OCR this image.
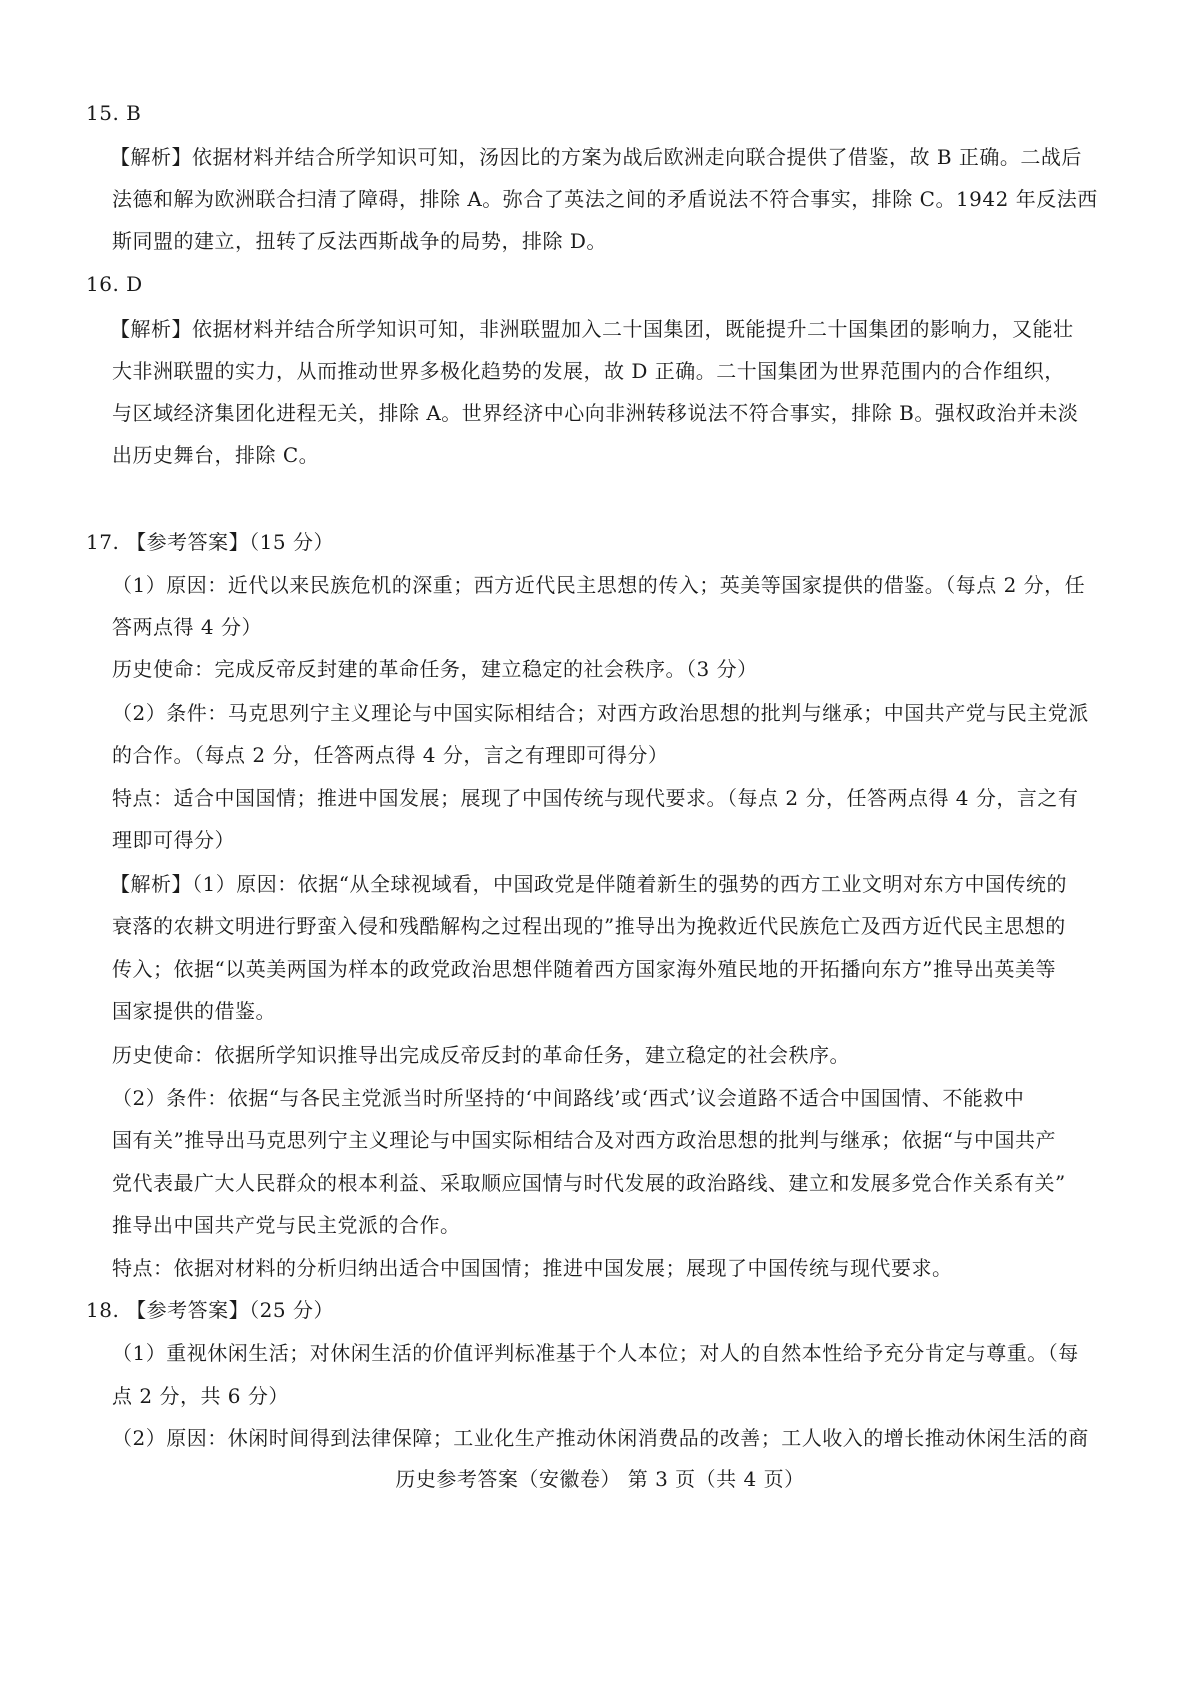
15. B
【解析】依据材料并结合所学知识可知，汤因比的方案为战后欧洲走向联合提供了借鉴，故 B 正确。二战后
法德和解为欧洲联合扫清了障碍，排除 A。弥合了英法之间的矛盾说法不符合事实，排除 C。1942 年反法西
斯同盟的建立，扭转了反法西斯战争的局势，排除 D。
16. D
【解析】依据材料并结合所学知识可知，非洲联盟加入二十国集团，既能提升二十国集团的影响力，又能壮
大非洲联盟的实力，从而推动世界多极化趋势的发展，故 D 正确。二十国集团为世界范围内的合作组织，
与区域经济集团化进程无关，排除 A。世界经济中心向非洲转移说法不符合事实，排除 B。强权政治并未淡
出历史舞台，排除 C。
17. 【参考答案】（15 分）
（1）原因：近代以来民族危机的深重；西方近代民主思想的传入；英美等国家提供的借鉴。（每点 2 分，任
答两点得 4 分）
历史使命：完成反帝反封建的革命任务，建立稳定的社会秩序。（3 分）
（2）条件：马克思列宁主义理论与中国实际相结合；对西方政治思想的批判与继承；中国共产党与民主党派
的合作。（每点 2 分，任答两点得 4 分，言之有理即可得分）
特点：适合中国国情；推进中国发展；展现了中国传统与现代要求。（每点 2 分，任答两点得 4 分，言之有
理即可得分）
【解析】（1）原因：依据“从全球视域看，中国政党是伴随着新生的强势的西方工业文明对东方中国传统的
衰落的农耕文明进行野蛮入侵和残酷解构之过程出现的”推导出为挽救近代民族危亡及西方近代民主思想的
传入；依据“以英美两国为样本的政党政治思想伴随着西方国家海外殖民地的开拓播向东方”推导出英美等
国家提供的借鉴。
历史使命：依据所学知识推导出完成反帝反封的革命任务，建立稳定的社会秩序。
（2）条件：依据“与各民主党派当时所坚持的‘中间路线’或‘西式’议会道路不适合中国国情、不能救中
国有关”推导出马克思列宁主义理论与中国实际相结合及对西方政治思想的批判与继承；依据“与中国共产
党代表最广大人民群众的根本利益、采取顺应国情与时代发展的政治路线、建立和发展多党合作关系有关”
推导出中国共产党与民主党派的合作。
特点：依据对材料的分析归纳出适合中国国情；推进中国发展；展现了中国传统与现代要求。
18. 【参考答案】（25 分）
（1）重视休闲生活；对休闲生活的价值评判标准基于个人本位；对人的自然本性给予充分肯定与尊重。（每
点 2 分，共 6 分）
（2）原因：休闲时间得到法律保障；工业化生产推动休闲消费品的改善；工人收入的增长推动休闲生活的商
历史参考答案（安徽卷） 第 3 页（共 4 页）
